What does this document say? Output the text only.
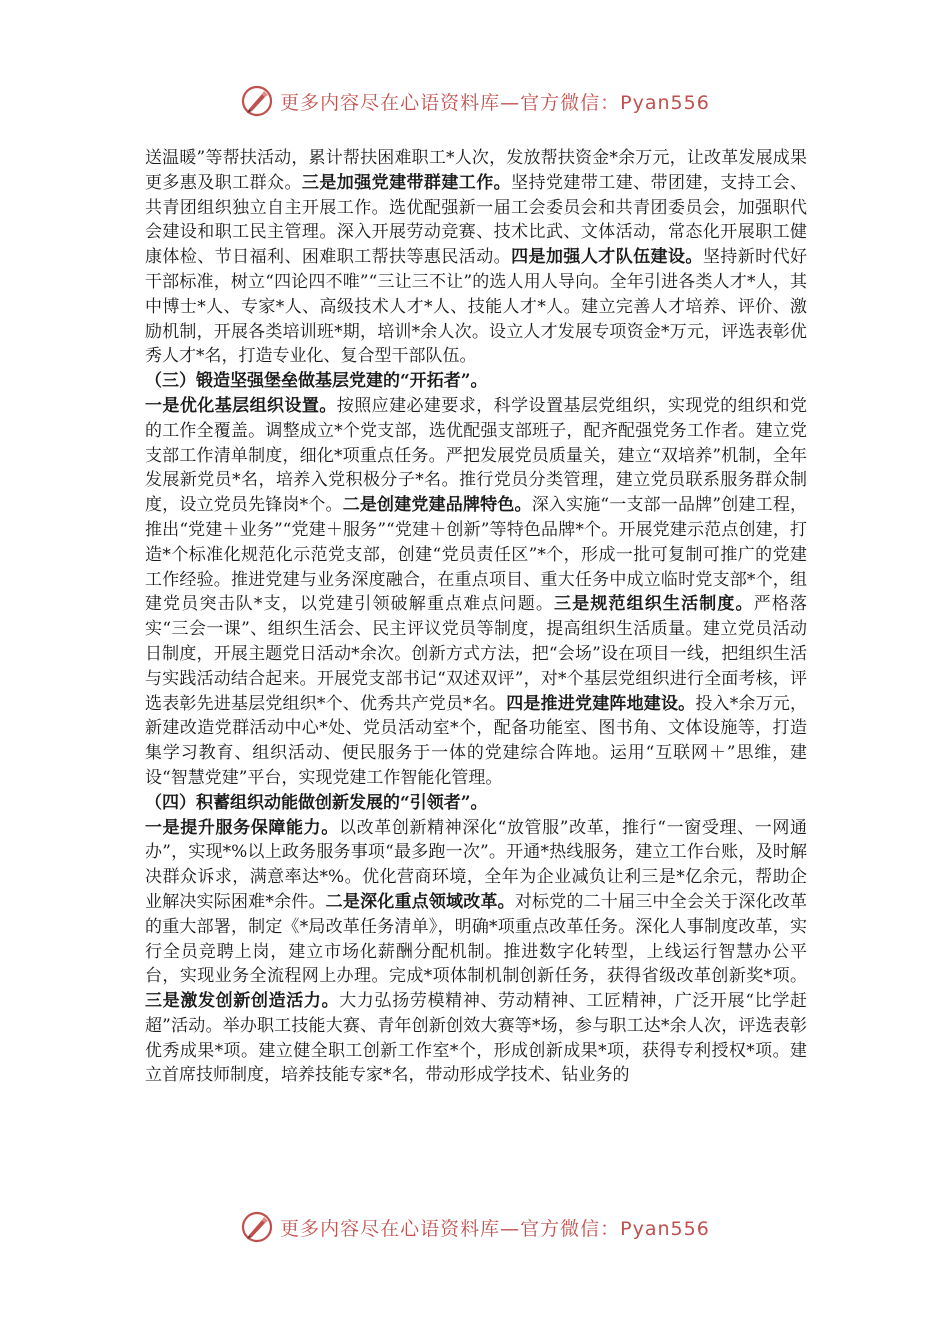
更多内容尽在心语资料库—官方微信：Pyan556

送温暖”等帮扶活动，累计帮扶困难职工*人次，发放帮扶资金*余万元，让改革发展成果更多惠及职工群众。三是加强党建带群建工作。坚持党建带工建、带团建，支持工会、共青团组织独立自主开展工作。选优配强新一届工会委员会和共青团委员会，加强职代会建设和职工民主管理。深入开展劳动竞赛、技术比武、文体活动，常态化开展职工健康体检、节日福利、困难职工帮扶等惠民活动。四是加强人才队伍建设。坚持新时代好干部标准，树立“四论四不唯”“三让三不让”的选人用人导向。全年引进各类人才*人，其中博士*人、专家*人、高级技术人才*人、技能人才*人。建立完善人才培养、评价、激励机制，开展各类培训班*期，培训*余人次。设立人才发展专项资金*万元，评选表彰优秀人才*名，打造专业化、复合型干部队伍。

（三）锻造坚强堡垒做基层党建的“开拓者”。

一是优化基层组织设置。按照应建必建要求，科学设置基层党组织，实现党的组织和党的工作全覆盖。调整成立*个党支部，选优配强支部班子，配齐配强党务工作者。建立党支部工作清单制度，细化*项重点任务。严把发展党员质量关，建立“双培养”机制，全年发展新党员*名，培养入党积极分子*名。推行党员分类管理，建立党员联系服务群众制度，设立党员先锋岗*个。二是创建党建品牌特色。深入实施“一支部一品牌”创建工程，推出“党建＋业务”“党建＋服务”“党建＋创新”等特色品牌*个。开展党建示范点创建，打造*个标准化规范化示范党支部，创建“党员责任区”*个，形成一批可复制可推广的党建工作经验。推进党建与业务深度融合，在重点项目、重大任务中成立临时党支部*个，组建党员突击队*支，以党建引领破解重点难点问题。三是规范组织生活制度。严格落实“三会一课”、组织生活会、民主评议党员等制度，提高组织生活质量。建立党员活动日制度，开展主题党日活动*余次。创新方式方法，把“会场”设在项目一线，把组织生活与实践活动结合起来。开展党支部书记“双述双评”，对*个基层党组织进行全面考核，评选表彰先进基层党组织*个、优秀共产党员*名。四是推进党建阵地建设。投入*余万元，新建改造党群活动中心*处、党员活动室*个，配备功能室、图书角、文体设施等，打造集学习教育、组织活动、便民服务于一体的党建综合阵地。运用“互联网＋”思维，建设“智慧党建”平台，实现党建工作智能化管理。

（四）积蓄组织动能做创新发展的“引领者”。

一是提升服务保障能力。以改革创新精神深化“放管服”改革，推行“一窗受理、一网通办”，实现*%以上政务服务事项“最多跑一次”。开通*热线服务，建立工作台账，及时解决群众诉求，满意率达*%。优化营商环境，全年为企业减负让利三是*亿余元，帮助企业解决实际困难*余件。二是深化重点领域改革。对标党的二十届三中全会关于深化改革的重大部署，制定《*局改革任务清单》，明确*项重点改革任务。深化人事制度改革，实行全员竞聘上岗，建立市场化薪酬分配机制。推进数字化转型，上线运行智慧办公平台，实现业务全流程网上办理。完成*项体制机制创新任务，获得省级改革创新奖*项。三是激发创新创造活力。大力弘扬劳模精神、劳动精神、工匠精神，广泛开展“比学赶超”活动。举办职工技能大赛、青年创新创效大赛等*场，参与职工达*余人次，评选表彰优秀成果*项。建立健全职工创新工作室*个，形成创新成果*项，获得专利授权*项。建立首席技师制度，培养技能专家*名，带动形成学技术、钻业务的

更多内容尽在心语资料库—官方微信：Pyan556
